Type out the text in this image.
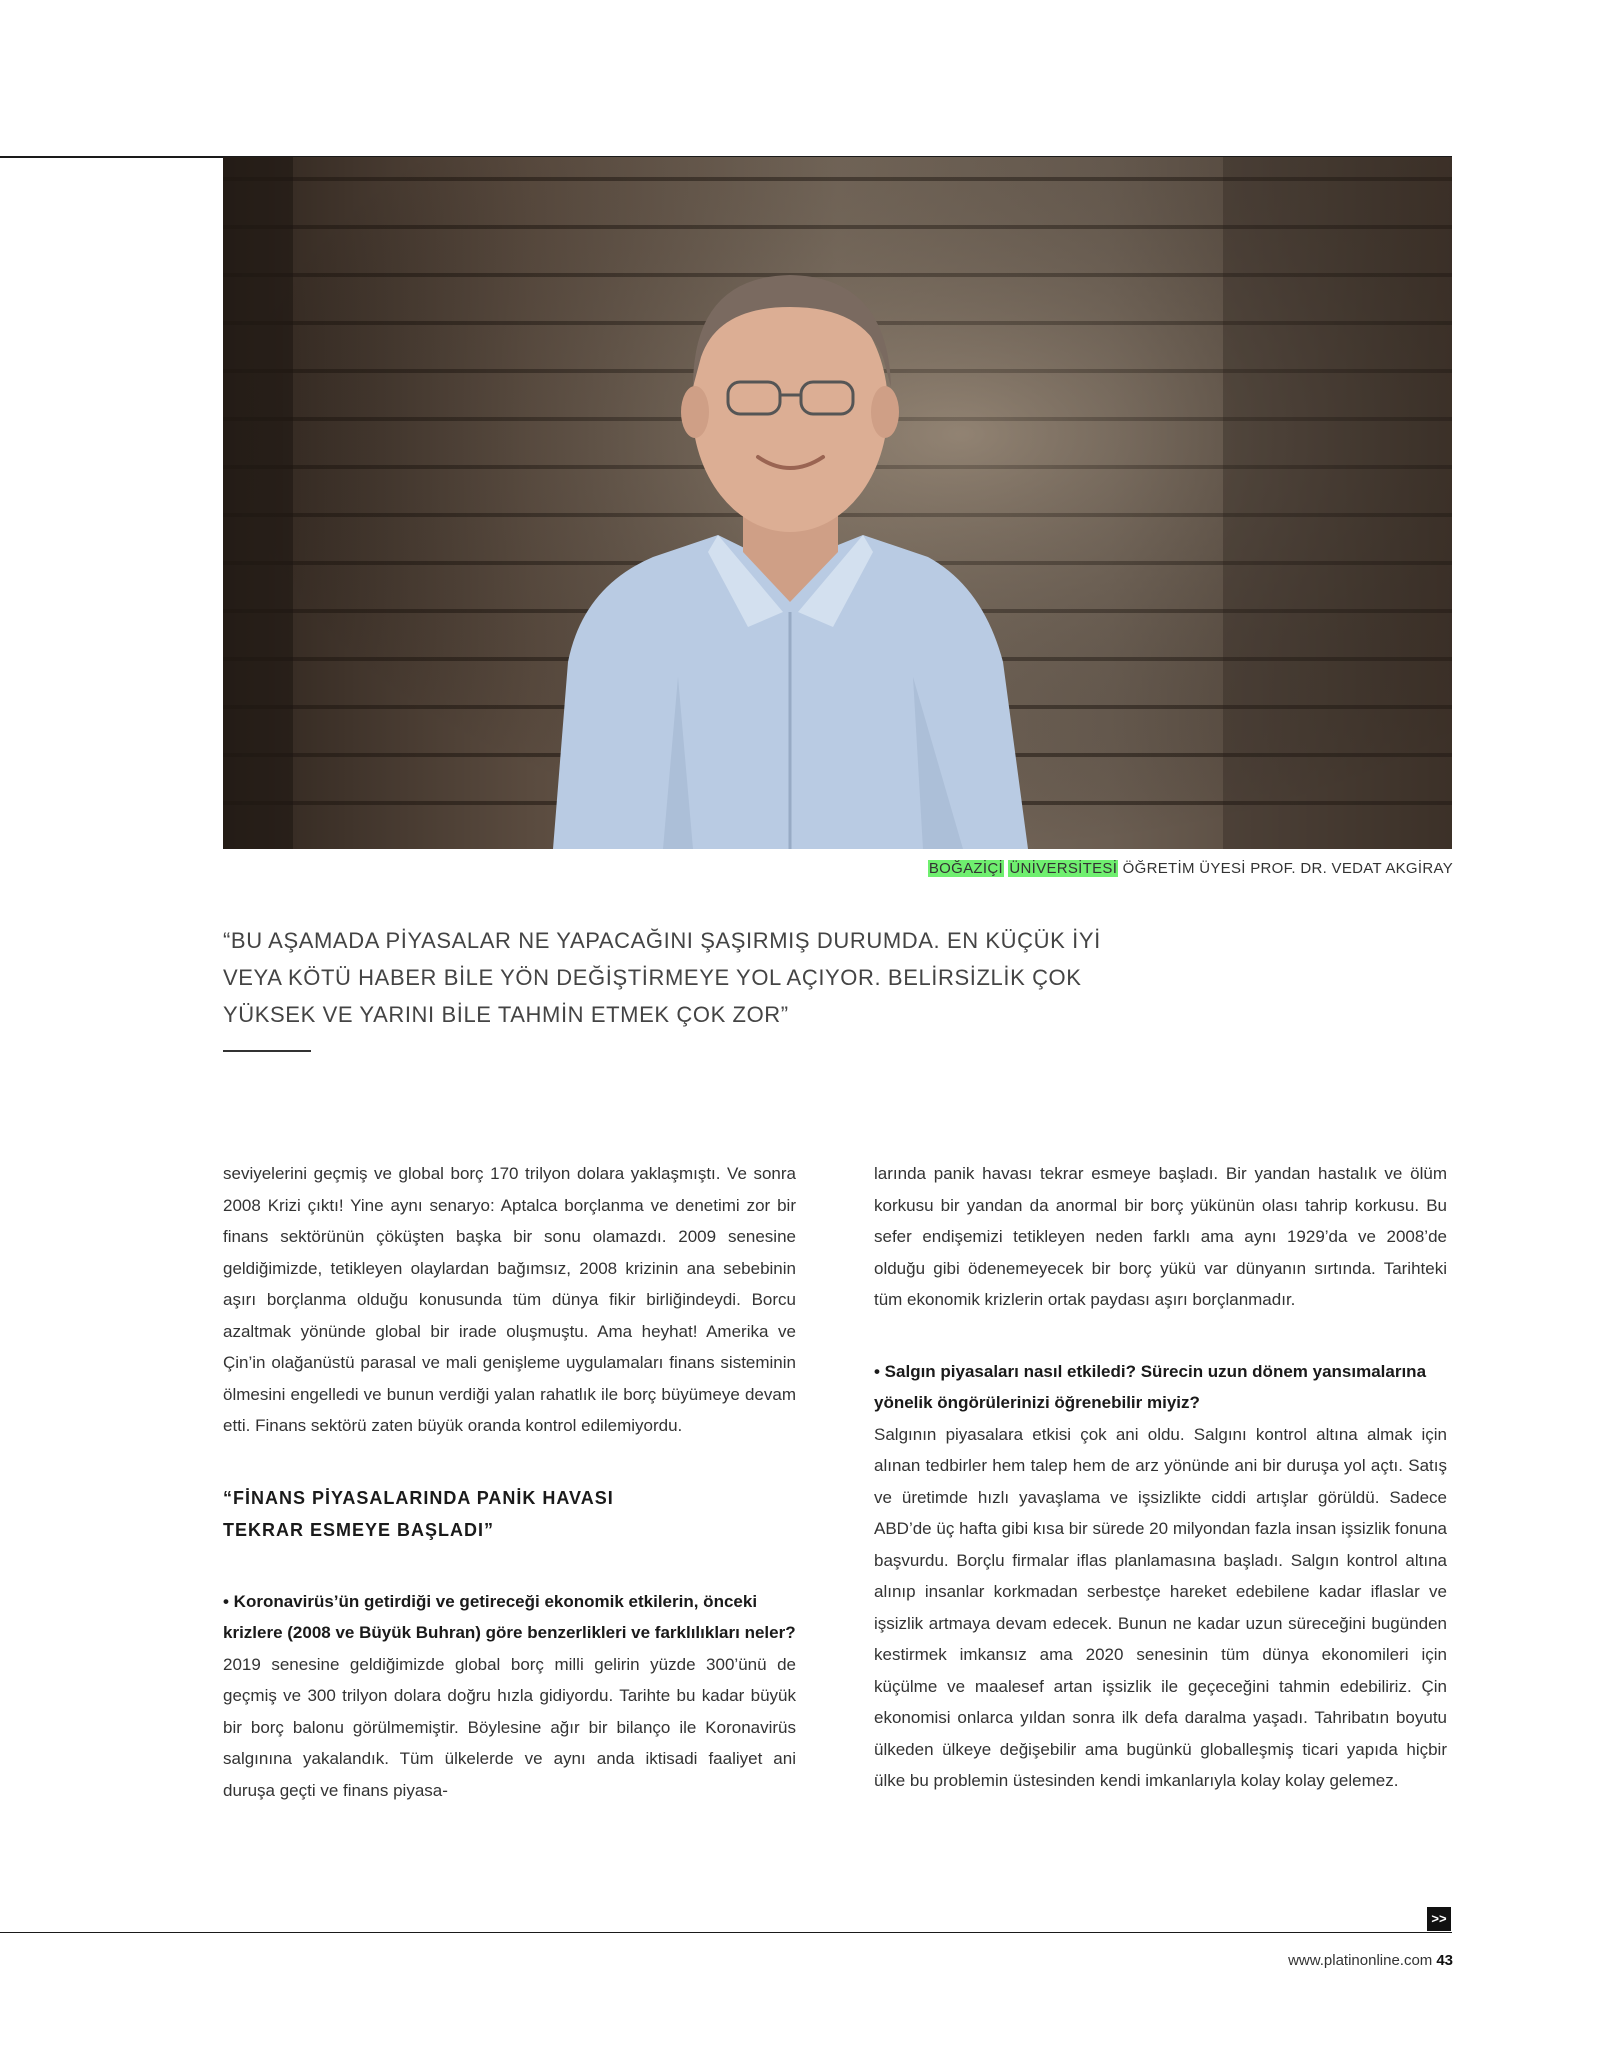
BOĞAZİÇİ ÜNİVERSİTESİ ÖĞRETİM ÜYESİ PROF. DR. VEDAT AKGİRAY
“BU AŞAMADA PİYASALAR NE YAPACAĞINI ŞAŞIRMIŞ DURUMDA. EN KÜÇÜK İYİ VEYA KÖTÜ HABER BİLE YÖN DEĞİŞTİRMEYE YOL AÇIYOR. BELİRSİZLİK ÇOK YÜKSEK VE YARINI BİLE TAHMİN ETMEK ÇOK ZOR”

seviyelerini geçmiş ve global borç 170 trilyon dolara yaklaşmıştı. Ve sonra 2008 Krizi çıktı! Yine aynı senaryo: Aptalca borçlanma ve denetimi zor bir finans sektörünün çöküşten başka bir sonu olamazdı. 2009 senesine geldiğimizde, tetikleyen olaylardan bağımsız, 2008 krizinin ana sebebinin aşırı borçlanma olduğu konusunda tüm dünya fikir birliğindeydi. Borcu azaltmak yönünde global bir irade oluşmuştu. Ama heyhat! Amerika ve Çin’in olağanüstü parasal ve mali genişleme uygulamaları finans sisteminin ölmesini engelledi ve bunun verdiği yalan rahatlık ile borç büyümeye devam etti. Finans sektörü zaten büyük oranda kontrol edilemiyordu.

“FİNANS PİYASALARINDA PANİK HAVASI

TEKRAR ESMEYE BAŞLADI”

• Koronavirüs’ün getirdiği ve getireceği ekonomik etkilerin, önceki krizlere (2008 ve Büyük Buhran) göre benzerlikleri ve farklılıkları neler?

2019 senesine geldiğimizde global borç milli gelirin yüzde 300’ünü de geçmiş ve 300 trilyon dolara doğru hızla gidiyordu. Tarihte bu kadar büyük bir borç balonu görülmemiştir. Böylesine ağır bir bilanço ile Koronavirüs salgınına yakalandık. Tüm ülkelerde ve aynı anda iktisadi faaliyet ani duruşa geçti ve finans piyasa-

larında panik havası tekrar esmeye başladı. Bir yandan hastalık ve ölüm korkusu bir yandan da anormal bir borç yükünün olası tahrip korkusu. Bu sefer endişemizi tetikleyen neden farklı ama aynı 1929’da ve 2008’de olduğu gibi ödenemeyecek bir borç yükü var dünyanın sırtında. Tarihteki tüm ekonomik krizlerin ortak paydası aşırı borçlanmadır.

• Salgın piyasaları nasıl etkiledi? Sürecin uzun dönem yansımalarına yönelik öngörülerinizi öğrenebilir miyiz?

Salgının piyasalara etkisi çok ani oldu. Salgını kontrol altına almak için alınan tedbirler hem talep hem de arz yönünde ani bir duruşa yol açtı. Satış ve üretimde hızlı yavaşlama ve işsizlikte ciddi artışlar görüldü. Sadece ABD’de üç hafta gibi kısa bir sürede 20 milyondan fazla insan işsizlik fonuna başvurdu. Borçlu firmalar iflas planlamasına başladı. Salgın kontrol altına alınıp insanlar korkmadan serbestçe hareket edebilene kadar iflaslar ve işsizlik artmaya devam edecek. Bunun ne kadar uzun süreceğini bugünden kestirmek imkansız ama 2020 senesinin tüm dünya ekonomileri için küçülme ve maalesef artan işsizlik ile geçeceğini tahmin edebiliriz. Çin ekonomisi onlarca yıldan sonra ilk defa daralma yaşadı. Tahribatın boyutu ülkeden ülkeye değişebilir ama bugünkü globalleşmiş ticari yapıda hiçbir ülke bu problemin üstesinden kendi imkanlarıyla kolay kolay gelemez.

>>
www.platinonline.com 43
